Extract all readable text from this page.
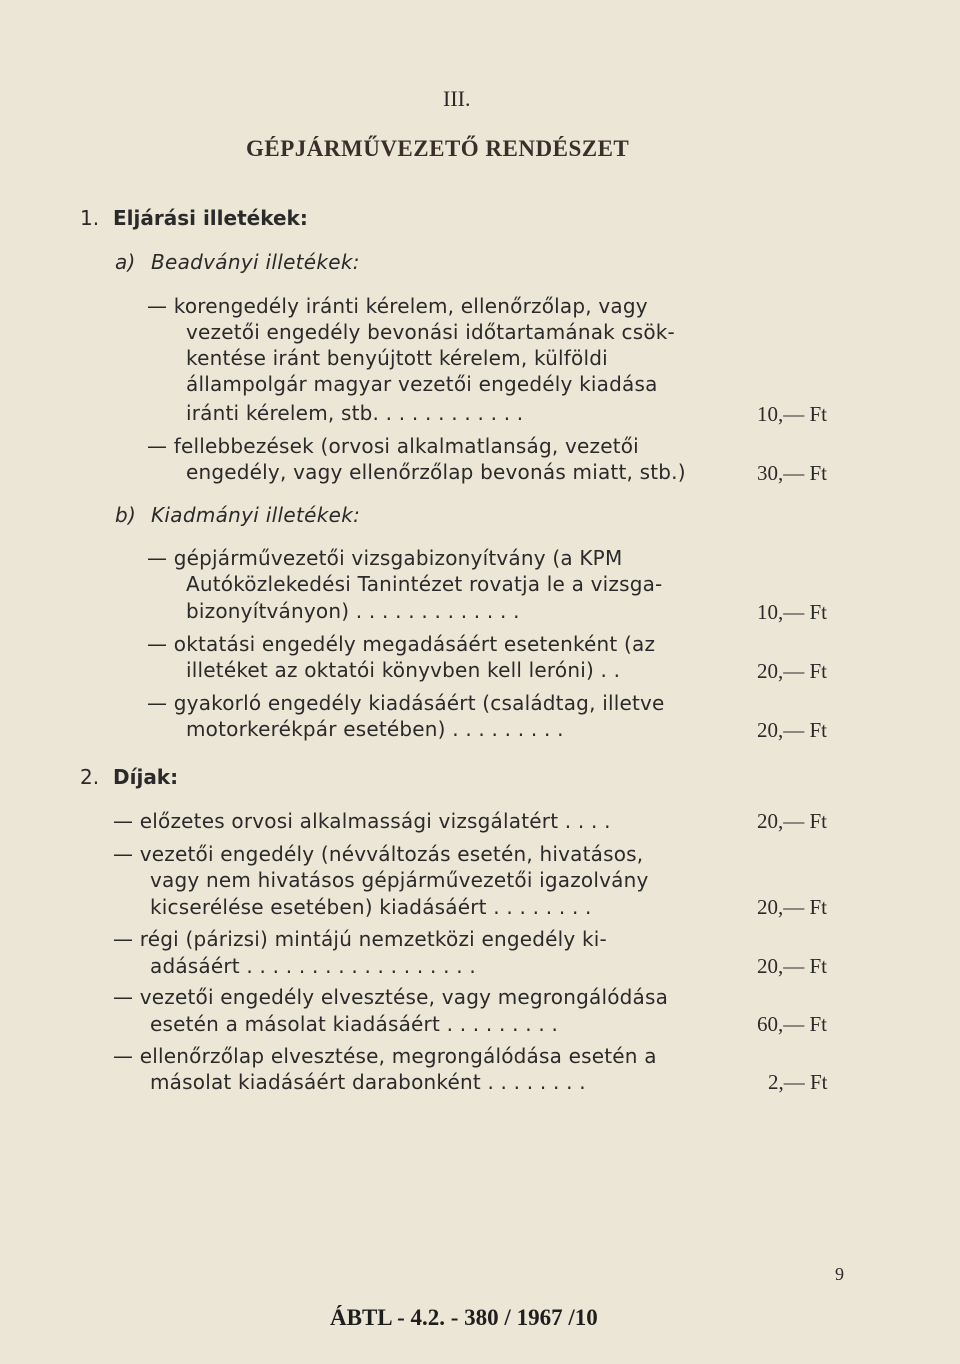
III.
GÉPJÁRMŰVEZETŐ RENDÉSZET
1. Eljárási illetékek:
a) Beadványi illetékek:
— korengedély iránti kérelem, ellenőrzőlap, vagy
vezetői engedély bevonási időtartamának csök-
kentése iránt benyújtott kérelem, külföldi
állampolgár magyar vezetői engedély kiadása
iránti kérelem, stb. . . . . . . . . . . .	10,— Ft
— fellebbezések (orvosi alkalmatlanság, vezetői
engedély, vagy ellenőrzőlap bevonás miatt, stb.)	30,— Ft
b) Kiadmányi illetékek:
— gépjárművezetői vizsgabizonyítvány (a KPM
Autóközlekedési Tanintézet rovatja le a vizsga-
bizonyítványon) . . . . . . . . . . . . .	10,— Ft
— oktatási engedély megadásáért esetenként (az
illetéket az oktatói könyvben kell leróni) . .	20,— Ft
— gyakorló engedély kiadásáért (családtag, illetve
motorkerékpár esetében) . . . . . . . . .	20,— Ft
2. Díjak:
— előzetes orvosi alkalmassági vizsgálatért . . . .	20,— Ft
— vezetői engedély (névváltozás esetén, hivatásos,
vagy nem hivatásos gépjárművezetői igazolvány
kicserélése esetében) kiadásáért . . . . . . . .	20,— Ft
— régi (párizsi) mintájú nemzetközi engedély ki-
adásáért . . . . . . . . . . . . . . . . . .	20,— Ft
— vezetői engedély elvesztése, vagy megrongálódása
esetén a másolat kiadásáért . . . . . . . . .	60,— Ft
— ellenőrzőlap elvesztése, megrongálódása esetén a
másolat kiadásáért darabonként . . . . . . . .	2,— Ft
9
ÁBTL - 4.2. - 380 / 1967 /10
